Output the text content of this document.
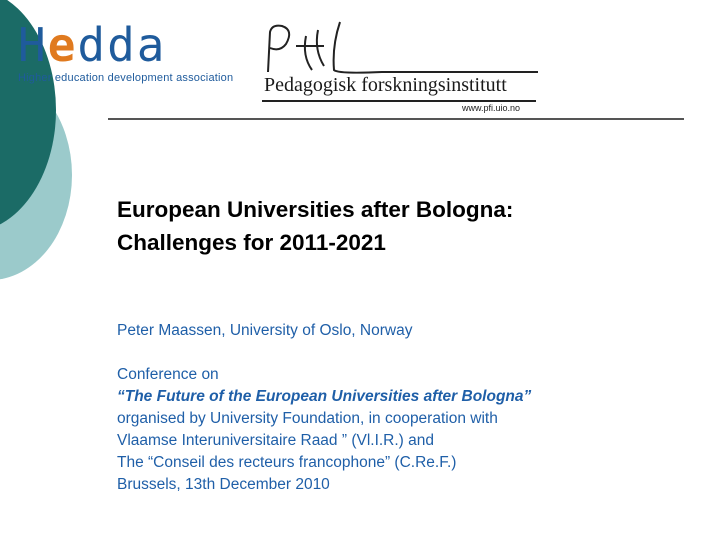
H e dda
Higher education development association Pedagogisk forskningsinstitutt
www.pfi.uio.no
European Universities after Bologna:
Challenges for 2011-2021
Peter Maassen, University of Oslo, Norway
Conference on
“The Future of the European Universities after Bologna”
organised by University Foundation, in cooperation with
Vlaamse Interuniversitaire Raad ” (Vl.I.R.) and
The “Conseil des recteurs francophone” (C.Re.F.)
Brussels, 13th December 2010
